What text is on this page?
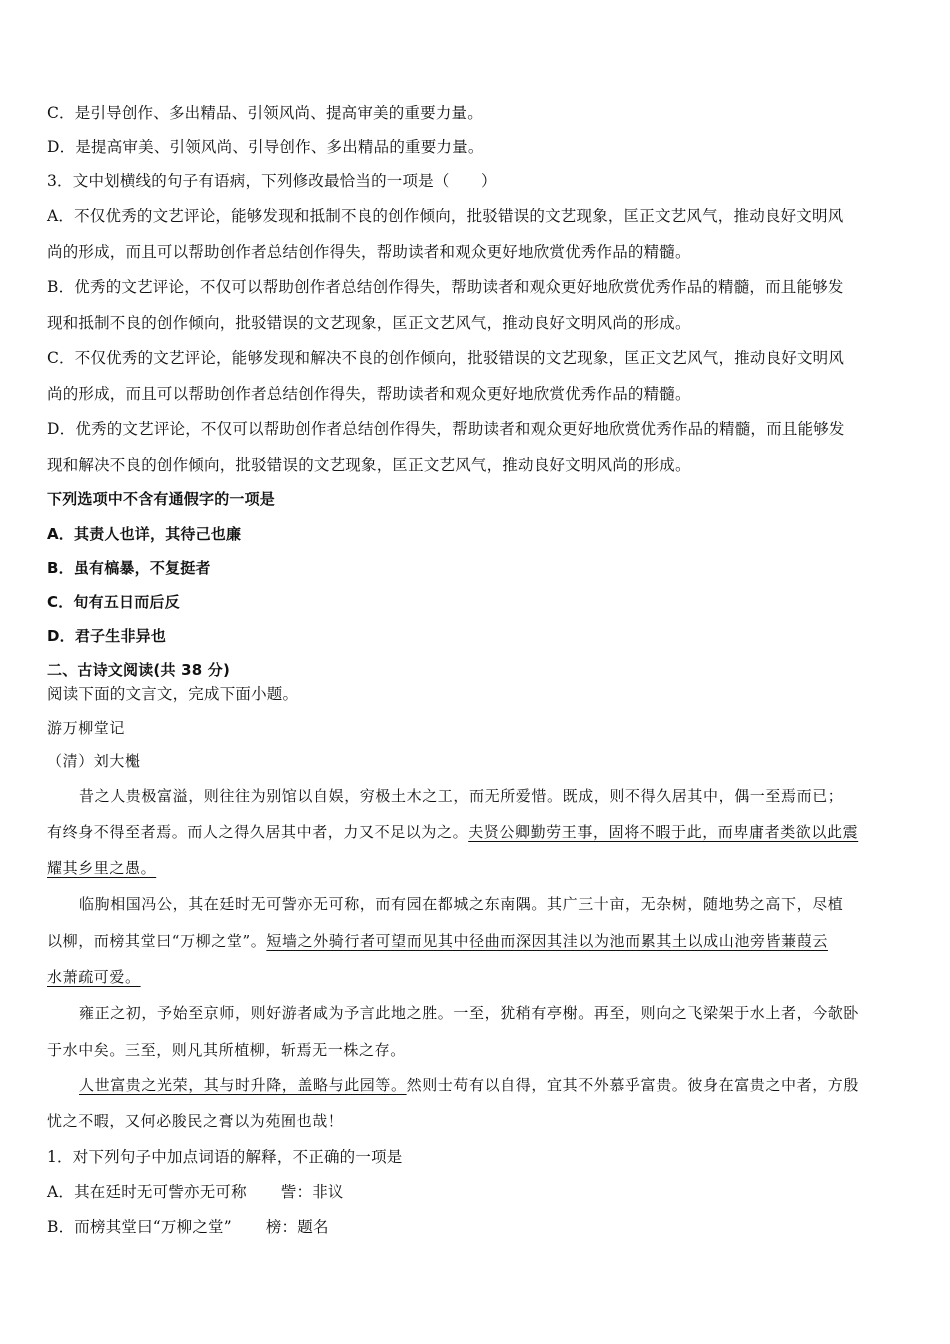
C．是引导创作、多出精品、引领风尚、提高审美的重要力量。
D．是提高审美、引领风尚、引导创作、多出精品的重要力量。
3．文中划横线的句子有语病，下列修改最恰当的一项是（　　）
A．不仅优秀的文艺评论，能够发现和抵制不良的创作倾向，批驳错误的文艺现象，匡正文艺风气，推动良好文明风
尚的形成，而且可以帮助创作者总结创作得失，帮助读者和观众更好地欣赏优秀作品的精髓。
B．优秀的文艺评论，不仅可以帮助创作者总结创作得失，帮助读者和观众更好地欣赏优秀作品的精髓，而且能够发
现和抵制不良的创作倾向，批驳错误的文艺现象，匡正文艺风气，推动良好文明风尚的形成。
C．不仅优秀的文艺评论，能够发现和解决不良的创作倾向，批驳错误的文艺现象，匡正文艺风气，推动良好文明风
尚的形成，而且可以帮助创作者总结创作得失，帮助读者和观众更好地欣赏优秀作品的精髓。
D．优秀的文艺评论，不仅可以帮助创作者总结创作得失，帮助读者和观众更好地欣赏优秀作品的精髓，而且能够发
现和解决不良的创作倾向，批驳错误的文艺现象，匡正文艺风气，推动良好文明风尚的形成。
下列选项中不含有通假字的一项是
A．其责人也详，其待己也廉
B．虽有槁暴，不复挺者
C．旬有五日而后反
D．君子生非异也
二、古诗文阅读(共 38 分)
阅读下面的文言文，完成下面小题。
游万柳堂记
（清）刘大櫆
昔之人贵极富溢，则往往为别馆以自娱，穷极土木之工，而无所爱惜。既成，则不得久居其中，偶一至焉而已；
有终身不得至者焉。而人之得久居其中者，力又不足以为之。夫贤公卿勤劳王事，固将不暇于此，而卑庸者类欲以此震
耀其乡里之愚。
临朐相国冯公，其在廷时无可訾亦无可称，而有园在都城之东南隅。其广三十亩，无杂树，随地势之高下，尽植
以柳，而榜其堂曰“万柳之堂”。短墙之外骑行者可望而见其中径曲而深因其洼以为池而累其土以成山池旁皆蒹葭云
水萧疏可爱。
雍正之初，予始至京师，则好游者咸为予言此地之胜。一至，犹稍有亭榭。再至，则向之飞梁架于水上者，今欹卧
于水中矣。三至，则凡其所植柳，斩焉无一株之存。
人世富贵之光荣，其与时升降，盖略与此园等。然则士苟有以自得，宜其不外慕乎富贵。彼身在富贵之中者，方殷
忧之不暇，又何必朘民之膏以为苑囿也哉！
1．对下列句子中加点词语的解释，不正确的一项是
A．其在廷时无可訾亦无可称 訾：非议
B．而榜其堂曰“万柳之堂” 榜：题名
